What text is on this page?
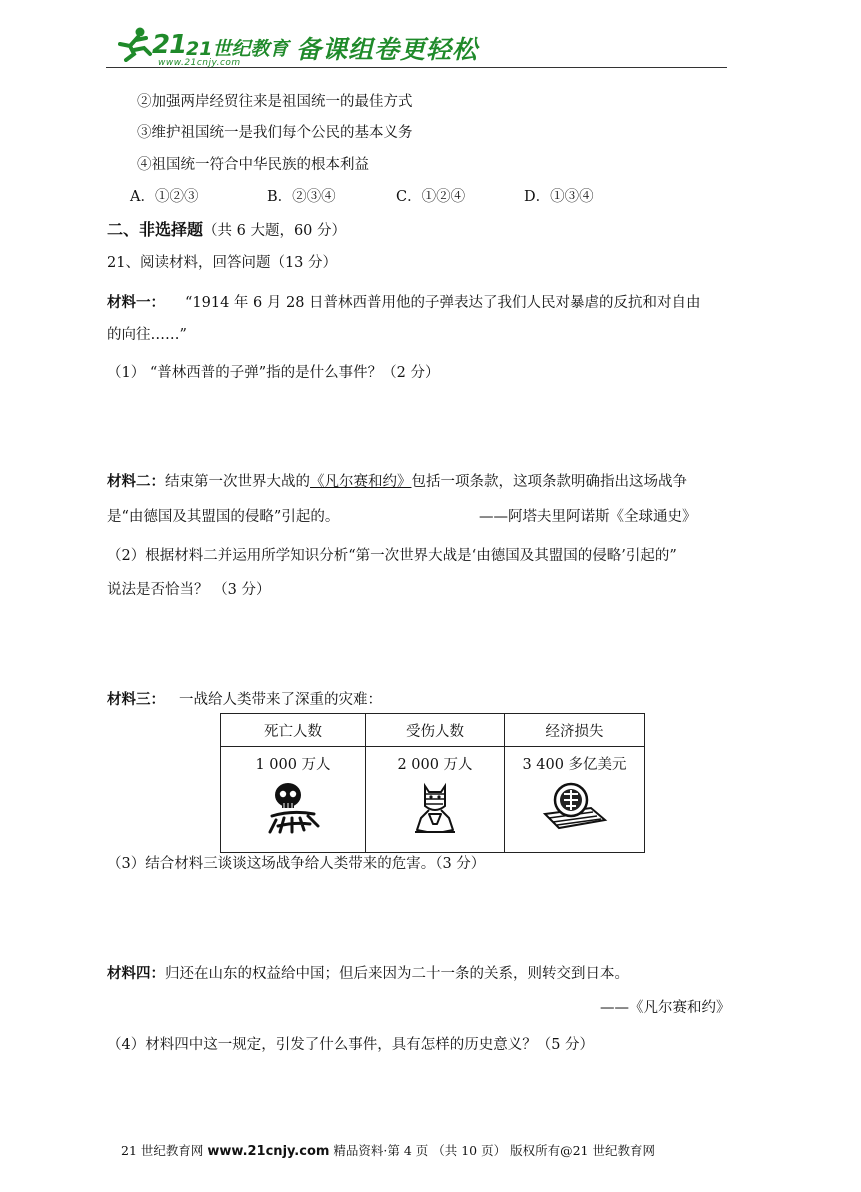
21 21世纪教育
www.21cnjy.com 备课组卷更轻松
②加强两岸经贸往来是祖国统一的最佳方式
③维护祖国统一是我们每个公民的基本义务
④祖国统一符合中华民族的根本利益
A．①②③	B．②③④	C．①②④	D．①③④
二、非选择题（共 6 大题，60 分）
21、阅读材料，回答问题（13 分）
材料一： “1914 年 6 月 28 日普林西普用他的子弹表达了我们人民对暴虐的反抗和对自由
的向往……”
（1） “普林西普的子弹”指的是什么事件？（2 分）
材料二：结束第一次世界大战的《凡尔赛和约》包括一项条款，这项条款明确指出这场战争
是“由德国及其盟国的侵略”引起的。	——阿塔夫里阿诺斯《全球通史》
（2）根据材料二并运用所学知识分析“第一次世界大战是‘由德国及其盟国的侵略’引起的”
说法是否恰当？ （3 分）
材料三： 一战给人类带来了深重的灾难：
死亡人数	受伤人数	经济损失
1 000 万人	2 000 万人	3 400 多亿美元
（3）结合材料三谈谈这场战争给人类带来的危害。（3 分）
材料四：归还在山东的权益给中国；但后来因为二十一条的关系，则转交到日本。
——《凡尔赛和约》
（4）材料四中这一规定，引发了什么事件，具有怎样的历史意义？（5 分）
21 世纪教育网 www.21cnjy.com 精品资料·第 4 页 （共 10 页） 版权所有@21 世纪教育网
